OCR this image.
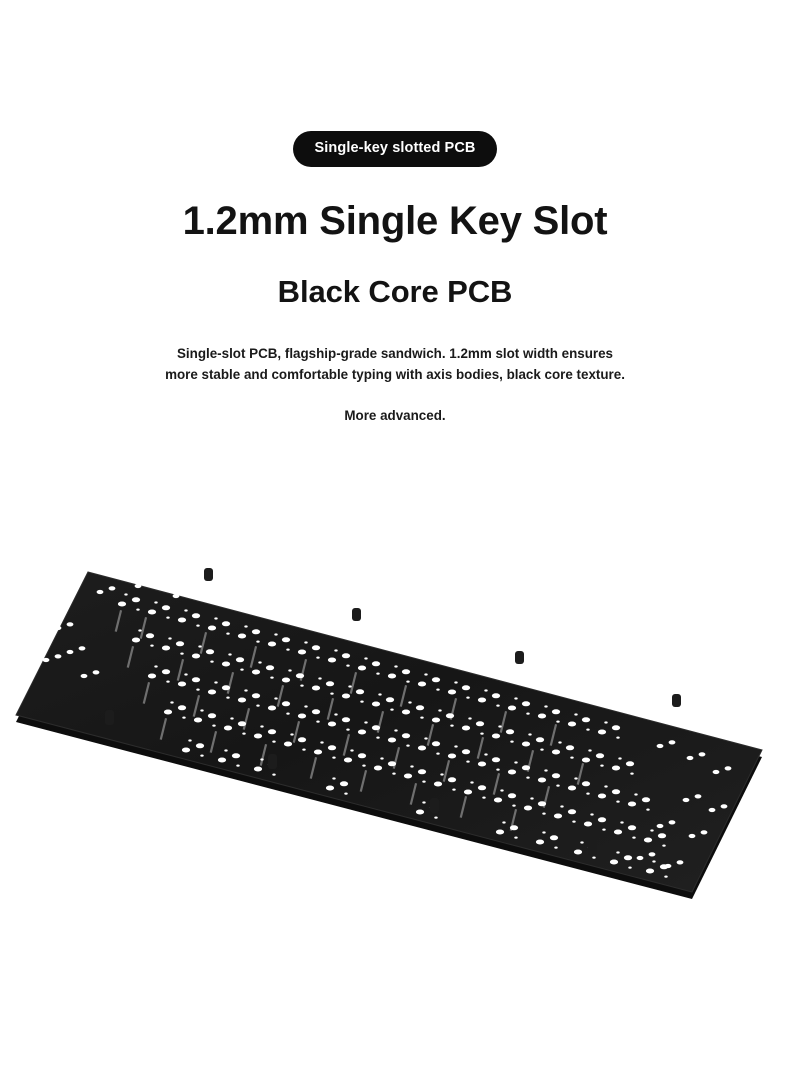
Single-key slotted PCB
1.2mm Single Key Slot
Black Core PCB
Single-slot PCB, flagship-grade sandwich. 1.2mm slot width ensures more stable and comfortable typing with axis bodies, black core texture.
More advanced.
